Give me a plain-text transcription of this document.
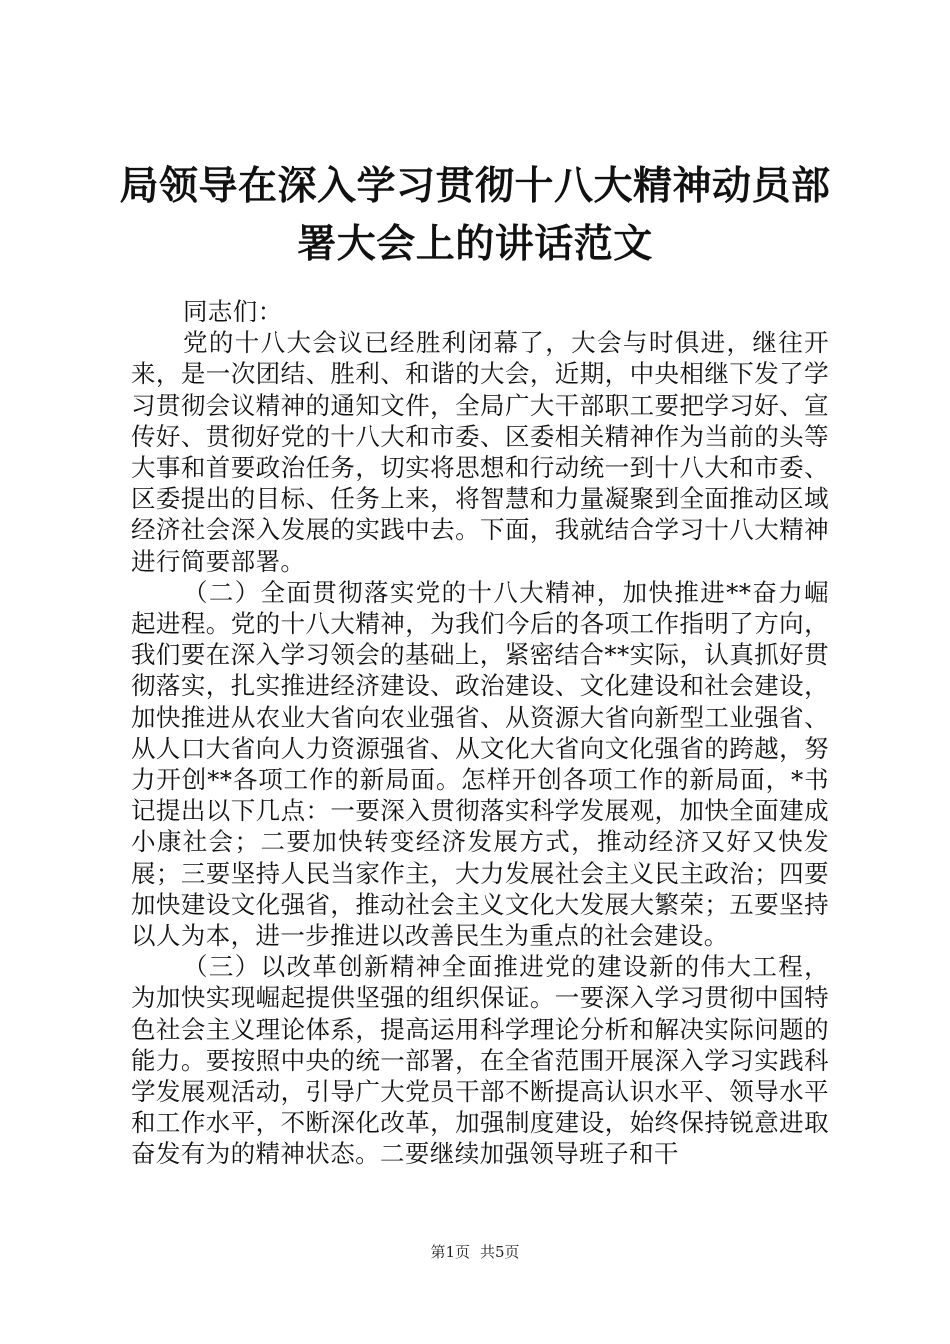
局领导在深入学习贯彻十八大精神动员部署大会上的讲话范文

同志们：

党的十八大会议已经胜利闭幕了，大会与时俱进，继往开来，是一次团结、胜利、和谐的大会，近期，中央相继下发了学习贯彻会议精神的通知文件，全局广大干部职工要把学习好、宣传好、贯彻好党的十八大和市委、区委相关精神作为当前的头等大事和首要政治任务，切实将思想和行动统一到十八大和市委、区委提出的目标、任务上来，将智慧和力量凝聚到全面推动区域经济社会深入发展的实践中去。下面，我就结合学习十八大精神进行简要部署。

（二）全面贯彻落实党的十八大精神，加快推进**奋力崛起进程。党的十八大精神，为我们今后的各项工作指明了方向，我们要在深入学习领会的基础上，紧密结合**实际，认真抓好贯彻落实，扎实推进经济建设、政治建设、文化建设和社会建设，加快推进从农业大省向农业强省、从资源大省向新型工业强省、从人口大省向人力资源强省、从文化大省向文化强省的跨越，努力开创**各项工作的新局面。怎样开创各项工作的新局面，*书记提出以下几点：一要深入贯彻落实科学发展观，加快全面建成小康社会；二要加快转变经济发展方式，推动经济又好又快发展；三要坚持人民当家作主，大力发展社会主义民主政治；四要加快建设文化强省，推动社会主义文化大发展大繁荣；五要坚持以人为本，进一步推进以改善民生为重点的社会建设。

（三）以改革创新精神全面推进党的建设新的伟大工程，为加快实现崛起提供坚强的组织保证。一要深入学习贯彻中国特色社会主义理论体系，提高运用科学理论分析和解决实际问题的能力。要按照中央的统一部署，在全省范围开展深入学习实践科学发展观活动，引导广大党员干部不断提高认识水平、领导水平和工作水平，不断深化改革，加强制度建设，始终保持锐意进取奋发有为的精神状态。二要继续加强领导班子和干

第1页 共5页
